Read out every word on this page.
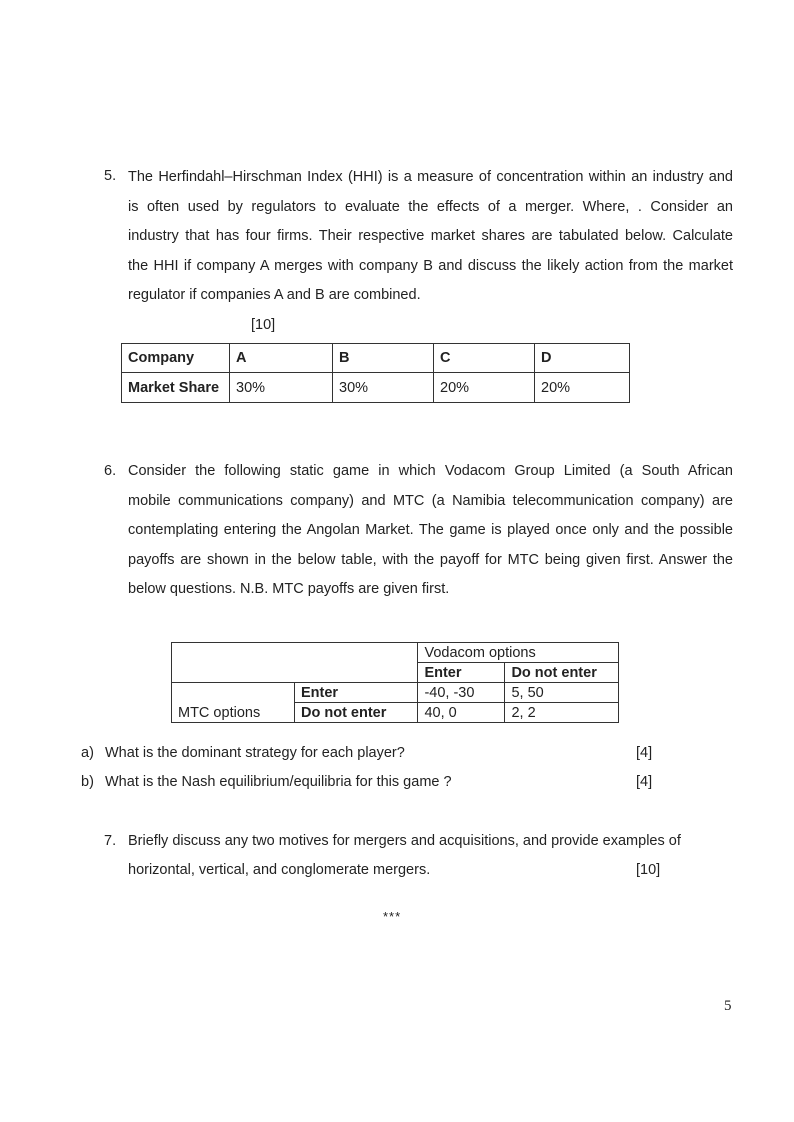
5. The Herfindahl–Hirschman Index (HHI) is a measure of concentration within an industry and
is often used by regulators to evaluate the effects of a merger. Where, . Consider an
industry that has four firms. Their respective market shares are tabulated below. Calculate
the HHI if company A merges with company B and discuss the likely action from the market
regulator if companies A and B are combined.
[10]
Company	A	B	C	D
Market Share	30%	30%	20%	20%
6. Consider the following static game in which Vodacom Group Limited (a South African
mobile communications company) and MTC (a Namibia telecommunication company) are
contemplating entering the Angolan Market. The game is played once only and the possible
payoffs are shown in the below table, with the payoff for MTC being given first. Answer the
below questions. N.B. MTC payoffs are given first.
		Vodacom options	
		Enter	Do not enter
MTC options	Enter	-40, -30	5, 50
	Do not enter	40, 0	2, 2
a) What is the dominant strategy for each player?	[4]
b) What is the Nash equilibrium/equilibria for this game ?	[4]
7. Briefly discuss any two motives for mergers and acquisitions, and provide examples of
horizontal, vertical, and conglomerate mergers.	[10]
***
5
